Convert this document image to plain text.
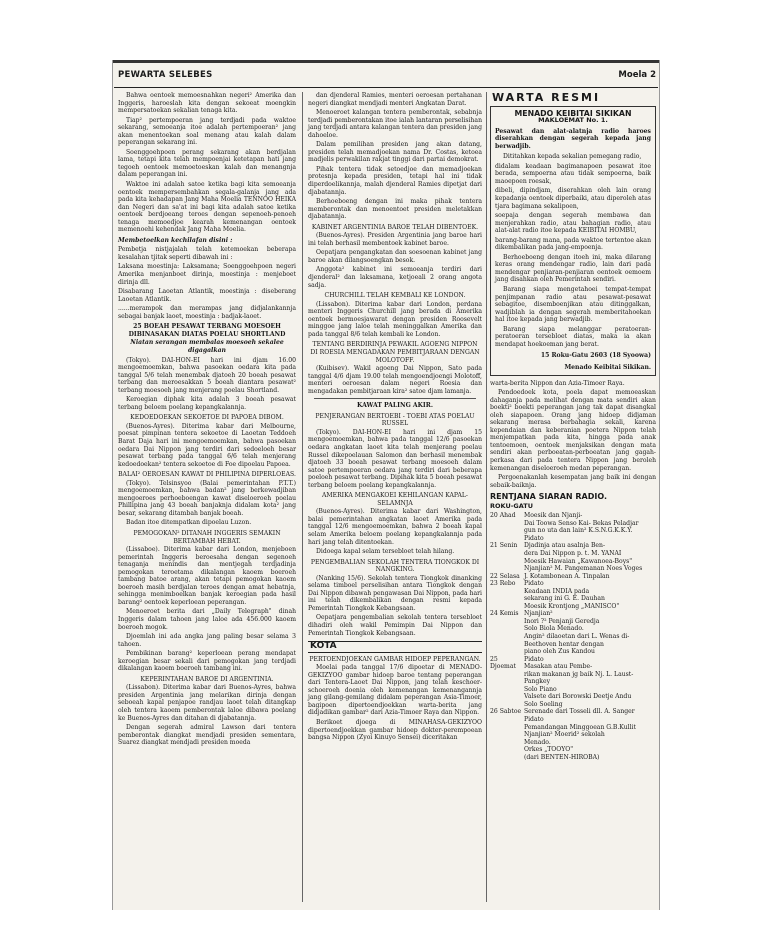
PEWARTA SELEBES	Moela 2

Bahwa oentoek memoesnahkan negeri² Amerika dan Inggeris, haroeslah kita dengan sekoeat moengkin mempersatoekan sekalian tenaga kita.

Tiap² pertempoeran jang terdjadi pada waktoe sekarang, semoeanja itoe adalah pertempoeran² jang akan menentoekan soal menang atau kalah dalam peperangan sekarang ini.

Soenggoehpoen perang sekarang akan berdjalan lama, tetapi kita telah mempoenjai ketetapan hati jang tegoeh oentoek memoetoeskan kalah dan menangnja dalam peperangan ini.

Waktoe ini adalah satoe ketika bagi kita semoeanja oentoek mempersembahkan segala-galanja jang ada pada kita kehadapan Jang Maha Moelia TENNOO HEIKA dan Negeri dan sa'at ini bagi kita adalah satoe ketika oentoek berdjoeang teroes dengan sepenoeh-penoeh tenaga memoedjoe kearah kemenangan oentoek memenoehi kehendak Jang Maha Moelia.

Membetoelkan kechilafan disini :

Pembetja nistjajalah telah ketemoekan beberapa kesalahan tjitak seperti dibawah ini :

Laksana moestinja: Laksamana; Soenggoehpoen negeri Amerika menjanboet dirinja, moestinja : menjeboet dirinja dll.

Disabarang Laoetan Atlantik, moestinja : diseberang Laoetan Atlantik.

......merampok dan merampas jang didjalankannja sebagai banjak laoet, moestinja : badjak-laoet.

25 BOEAH PESAWAT TERBANG MOESOEH DIBINASAKAN DIATAS POELAU SHORTLAND
Niatan serangan membalas moesoeh sekalee digagalkan

(Tokyo). DAI-HON-EI hari ini djam 16.00 mengoemoemkan, bahwa pasoekan oedara kita pada tanggal 5/6 telah menembak djatoeh 20 boeah pesawat terbang dan meroesakkan 5 boeah diantara pesawat² terbang moesoeh jang menjerang poelau Shortland.

Keroegian diphak kita adalah 3 boeah pesawat terbang beloem poelang kepangkalannja.

KEDOEDOEKAN SEKOETOE DI PAPOEA DIBOM.

(Buenos-Ayres). Diterima kabar dari Melbourne, poesat pimpinan tentera sekoetoe di Laoetan Teddoeh Barat Daja hari ini mengoemoemkan, bahwa pasoekan oedara Dai Nippon jang terdiri dari sedoeloeh besar pesawat terbang pada tanggal 6/6 telah menjerang kedoedoekan² tentera sekoetoe di Foe dipoelau Papoea.

BALAI² OEROESAN KAWAT DI PHILIPINA DIPERLOEAS.

(Tokyo). Telsinsyoo (Balai pemerintahan P.T.T.) mengoemoemkan, bahwa badan² jang berkewadjiban mengoeroes perhoeboengan kawat diseloeroeh poelau Phillipina jang 43 boeah banjaknja didalam kota² jang besar, sekarang ditambah banjak boeah.

Badan itoe ditempatkan dipoelau Luzon.

PEMOGOKAN² DITANAH INGGERIS SEMAKIN BERTAMBAH HEBAT.

(Lissaboe). Diterima kabar dari London, menjeboen pemerintah Inggeris beroesaha dengan segenoeh tenaganja menindis dan mentjegah terdjadinja pemogokan teroetama dikalangan kaoem boeroeh tambang batoe arang, akan tetapi pemogokan kaoem boeroeh masih berdjalan teroes dengan amat hebatnja, sehingga menimboelkan banjak keroegian pada hasil barang² oentoek keperloean peperangan.

Menoeroet berita dari „Daily Telegraph" dinah Inggeris dalam tahoen jang laloe ada 456.000 kaoem boeroeh mogok.

Djoemlah ini ada angka jang paling besar selama 3 tahoen.

Pembikinan barang² keperloean perang mendapat keroegian besar sekali dari pemogokan jang terdjadi dikalangan kaoem boeroeh tambang ini.

KEPERINTAHAN BAROE DI ARGENTINIA.

(Lissabon). Diterima kabar dari Buenos-Ayres, bahwa presiden Argentinia jang melarikan dirinja dengan seboeah kapal penjapoe randjau laoet telah ditangkap oleh tentera kaoem pemberontak laloe dibawa poelang ke Buenos-Ayres dan ditahan di djabatannja.

Dengan segerah admiral Lawson dari tentera pemberontak diangkat mendjadi presiden sementara, Suarez diangkat mendjadi presiden moeda

dan djenderal Ramies, menteri oeroesan pertahanan negeri diangkat mendjadi menteri Angkatan Darat.

Menoeroet kalangan tentera pemberontak, sebabnja terdjadi pemberontakan itoe ialah lantaran perselisihan jang terdjadi antara kalangan tentera dan presiden jang dahoeloe.

Dalam pemilihan presiden jang akan datang, presiden telah memadjoekan nama Dr. Costas, ketoea madjelis perwakilan rakjat tinggi dari partai demokrat.

Pihak tentera tidak setoedjoe dan memadjoekan protesnja kepada presiden, tetapi hal ini tidak diperdoelikannja, malah djenderal Ramies dipetjat dari djabatannja.

Berhoeboeng dengan ini maka pihak tentera memberontak dan menoentoet presiden meletakkan djabatannja.

KABINET ARGENTINIA BAROE TELAH DIBENTOEK.

(Buenos-Ayres). Presiden Argentinia jang baroe hari ini telah berhasil membentoek kabinet baroe.

Oepatjara pengangkatan dan soesoenan kabinet jang baroe akan dilangsoengkan besok.

Anggota² kabinet ini semoeanja terdiri dari djenderal² dan laksamana, ketjoeali 2 orang angota sadja.

CHURCHILL TELAH KEMBALI KE LONDON.

(Lissabon). Diterima kabar dari London, perdana menteri Inggeris Churchill jang berada di Amerika oentoek bermoesjawarat dengan presiden Roosevelt minggoe jang laloe telah meninggalkan Amerika dan pada tanggal 8/6 telah kembali ke London.

TENTANG BERDIRINJA PEWAKIL AGOENG NIPPON DI ROESIA MENGADAKAN PEMBITJARAAN DENGAN MOLOTOFF.

(Kuibisev). Wakil agoeng Dai Nippon, Sato pada tanggal 4/6 djam 19.00 telah mengoendjoengi Molotoff, menteri oeroesan dalam negeri Roesia dan mengadakan pembitjaraan kira² satoe djam lamanja.

KAWAT PALING AKIR.
PENJERANGAN BERTOEBI - TOEBI ATAS POELAU RUSSEL

(Tokyo). DAI-HON-EI hari ini djam 15 mengoemoemkan, bahwa pada tanggal 12/6 pasoekan oedara angkatan laoet kita telah menjerang poelau Russel dikepoelauan Salomon dan berhasil menembak djatoeh 33 boeah pesawat terbang moesoeh dalam satoe pertempoeran oedara jang terdiri dari beberapa poeloeh pesawat terbang. Dipihak kita 5 boeah pesawat terbang beloem poelang kepangkalannja.

AMERIKA MENGAKOEI KEHILANGAN KAPAL-SELAMNJA

(Buenos-Ayres). Diterima kabar dari Washington, balai pemerintahan angkatan laoet Amerika pada tanggal 12/6 mengoemoemkan, bahwa 2 boeah kapal selam Amerika beloem poelang kepangkalannja pada hari jang telah ditentoekan.

Didoega kapal selam tersebloet telah hilang.

PENGEMBALIAN SEKOLAH TENTERA TIONGKOK DI NANGKING.

(Nanking 15/6). Sekolah tentera Tiongkok dinanking selama timboel perselisihan antara Tiongkok dengan Dai Nippon dibawah pengawasan Dai Nippon, pada hari ini telah dikembalikan dengan resmi kepada Pemerintah Tiongkok Kebangsaan.

Oepatjara pengembalian sekolah tentera tersebloet dihadiri oleh wakil Pemimpin Dai Nippon dan Pemerintah Tiongkok Kebangsaan.

KOTA
PERTOENDJOEKAN GAMBAR HIDOEP PEPERANGAN.

Moelai pada tanggal 17/6 dipoetar di MENADO-GEKIZYOO gambar hidoep baroe tentang peperangan dari Tentera-Laoet Dai Nippon, jang telah keschoer-schoeroeh doenia oleh kemenangan kemenangannja jang gilang-gemilang didalam peperangan Asia-Timoer, bagipoen dipertoendjoekkan warta-berita jang didjadikan gambar² dari Azia-Timoer Raya dan Nippon.

Berikoet djoega di MINAHASA-GEKIZYOO dipertoendjoekkan gambar hidoep dokter-perempoean bangsa Nippon (Zyoi Kinuyo Sensei) diceritakan

WARTA RESMI
MENADO KEIBITAI SIKIKAN
MAKLOEMAT No. 1.

Pesawat dan alat-alatnja radio haroes diserahkan dengan segerah kepada jang berwadjib.

Dititahkan kepada sekalian pemegang radio,

didalam keadaan bagimanapoen pesawat itoe berada, sempoerna atau tidak sempoerna, baik maoepoen roesak,

dibeli, dipindjam, diserahkan oleh lain orang kepadanja oentoek diperbaiki, atau diperoleh atas tjara bagimana sekalipoen,

soepaja dengan segerah membawa dan menjerahkan radio, atau bahagian radio, atau alat-alat radio itoe kepada KEIBITAI HOMBU,

barang-barang mana, pada waktoe tertentoe akan dikembalikan pada jang-empoenja.

Berhoeboeng dengan itoeh ini, maka dilarang keras orang mendengar radio, lain dari pada mendengar penjiaran-penjiaran oentoek oemoem jang disahkan oleh Pemerintah sendiri.

Barang siapa mengetahoei tempat-tempat penjimpanan radio atau pesawat-pesawat sebagitoe, disemboenjikan atau ditinggalkan, wadjiblah ia dengan segerah memberitahoekan hal itoe kepada jang berwadjib.

Barang siapa melanggar peratoeran-peratoeran tersebloet diatas, maka ia akan mendapat hoekoeman jang berat.

15 Roku-Gatu 2603 (18 Syoowa)
Menado Keibitai Sikikan.

warta-berita Nippon dan Azia-Timoer Raya.

Pendoedoek kota, poela dapat memoeaskan dahaganja pada melihat dengan mata sendiri akan boekti² boekti peperangan jang tak dapat disangkal oleh siapapoen. Orang jang hidoep didjaman sekarang merasa berbahagia sekali, karena kependaian dan keberanian poetera Nippon telah menjempatkan pada kita, hingga pada anak tentoemoen, oentoek menjaksikan dengan mata sendiri akan perboeatan-perboeatan jang gagah-perkasa dari pada tentera Nippon jang beroleh kemenangan diseloeroeh medan peperangan.

Pergoenakanlah kesempatan jang baik ini dengan sebaik-baiknja.

RENTJANA SIARAN RADIO.
ROKU-GATU
20 Ahad	Moesik dan Njanji-
Dai Toowa Senso Kai- Bekas Peladjar
gun no uta dan lain² K.S.N.G.K.K.Y.
Pidato
21 Senin	Djadinja atau asalnja Ben-
dera Dai Nippon p. t. M. YANAI
Moesik Hawaian „Kawanoea-Boys"
Njanjian² M. Pangemanan Noes Voges
22 Selasa J. Kotambonean A. Tinpalan
23 Rebo	Pidato
Keadaan INDIA pada
sekarang ini G. E. Dauhan
Moesik Krontjong „MANISCO"
24 Kemis Njanjian²
Inori ?² Penjanji Geredja
Solo Biola Menado.
Angin² dilaoetan dari L. Wenas di-
Beethoven hentar dengan
piano oleh Zus Kandou
25 Djoemat
Pidato
Masakan atau Pembe-
rikan makanan jg baik Nj. L. Laust-
Pangkey
Solo Piano
Valsete dari Borowski Deetje Andu
Solo Soeling
26 Sabtoe Serenade dari Tosseli dll. A. Sanger
Pidato
Pemandangan Minggoean G.B.Kullit
Njanjian² Moerid² sekolah
Menado.
Orkes „TOOYO"
(dari BENTEN-HIROBA)
